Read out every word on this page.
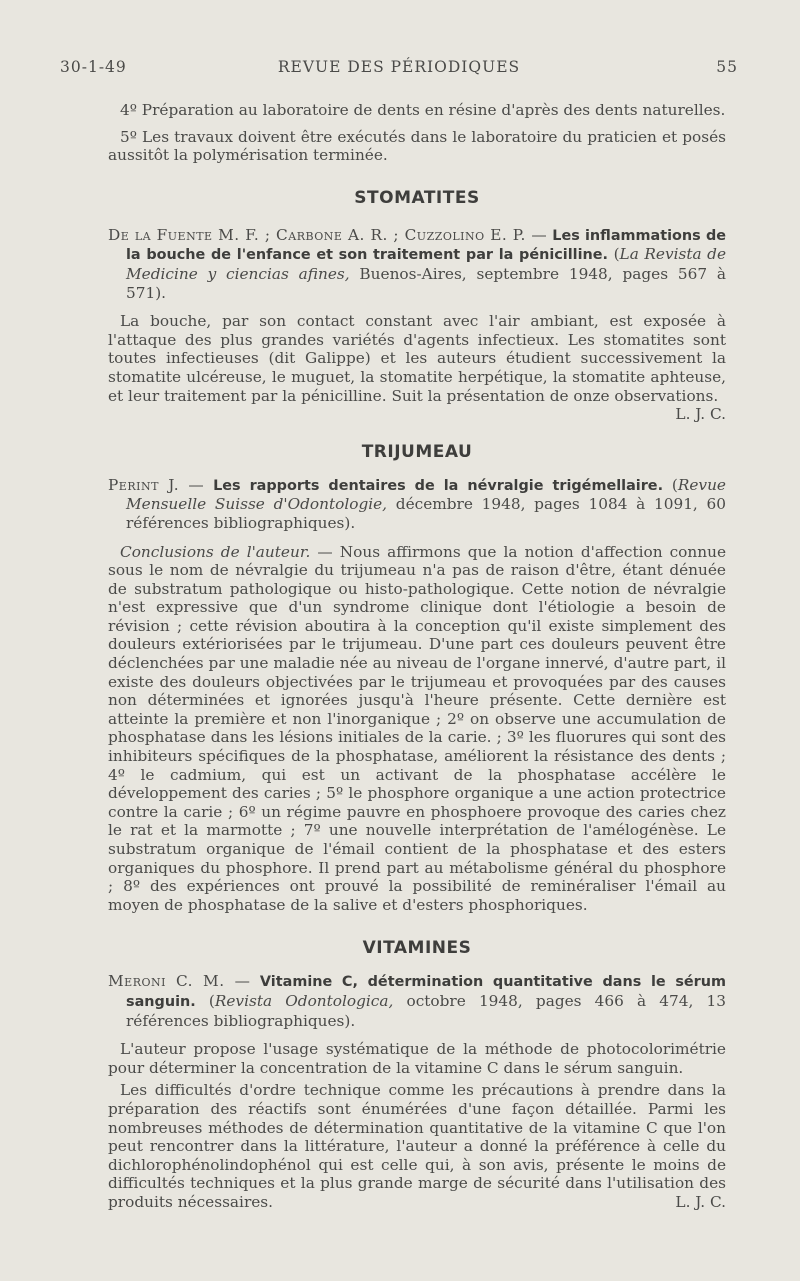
30-1-49	REVUE DES PÉRIODIQUES	55

4º Préparation au laboratoire de dents en résine d'après des dents naturelles.

5º Les travaux doivent être exécutés dans le laboratoire du praticien et posés aussitôt la polymérisation terminée.

STOMATITES

De la Fuente M. F. ; Carbone A. R. ; Cuzzolino E. P. — Les inflammations de la bouche de l'enfance et son traitement par la pénicilline. (La Revista de Medicine y ciencias afines, Buenos-Aires, septembre 1948, pages 567 à 571).

La bouche, par son contact constant avec l'air ambiant, est exposée à l'attaque des plus grandes variétés d'agents infectieux. Les stomatites sont toutes infectieuses (dit Galippe) et les auteurs étudient successivement la stomatite ulcéreuse, le muguet, la stomatite herpétique, la stomatite aphteuse, et leur traitement par la pénicilline. Suit la présentation de onze observations.
L. J. C.

TRIJUMEAU

Perint J. — Les rapports dentaires de la névralgie trigémellaire. (Revue Mensuelle Suisse d'Odontologie, décembre 1948, pages 1084 à 1091, 60 références bibliographiques).

Conclusions de l'auteur. — Nous affirmons que la notion d'affection connue sous le nom de névralgie du trijumeau n'a pas de raison d'être, étant dénuée de substratum pathologique ou histo-pathologique. Cette notion de névralgie n'est expressive que d'un syndrome clinique dont l'étiologie a besoin de révision ; cette révision aboutira à la conception qu'il existe simplement des douleurs extériorisées par le trijumeau. D'une part ces douleurs peuvent être déclenchées par une maladie née au niveau de l'organe innervé, d'autre part, il existe des douleurs objectivées par le trijumeau et provoquées par des causes non déterminées et ignorées jusqu'à l'heure présente. Cette dernière est atteinte la première et non l'inorganique ; 2º on observe une accumulation de phosphatase dans les lésions initiales de la carie. ; 3º les fluorures qui sont des inhibiteurs spécifiques de la phosphatase, améliorent la résistance des dents ; 4º le cadmium, qui est un activant de la phosphatase accélère le développement des caries ; 5º le phosphore organique a une action protectrice contre la carie ; 6º un régime pauvre en phosphoere provoque des caries chez le rat et la marmotte ; 7º une nouvelle interprétation de l'amélogénèse. Le substratum organique de l'émail contient de la phosphatase et des esters organiques du phosphore. Il prend part au métabolisme général du phosphore ; 8º des expériences ont prouvé la possibilité de reminéraliser l'émail au moyen de phosphatase de la salive et d'esters phosphoriques.

VITAMINES

Meroni C. M. — Vitamine C, détermination quantitative dans le sérum sanguin. (Revista Odontologica, octobre 1948, pages 466 à 474, 13 références bibliographiques).

L'auteur propose l'usage systématique de la méthode de photocolorimétrie pour déterminer la concentration de la vitamine C dans le sérum sanguin.

Les difficultés d'ordre technique comme les précautions à prendre dans la préparation des réactifs sont énumérées d'une façon détaillée. Parmi les nombreuses méthodes de détermination quantitative de la vitamine C que l'on peut rencontrer dans la littérature, l'auteur a donné la préférence à celle du dichlorophénolindophénol qui est celle qui, à son avis, présente le moins de difficultés techniques et la plus grande marge de sécurité dans l'utilisation des produits nécessaires.	L. J. C.
